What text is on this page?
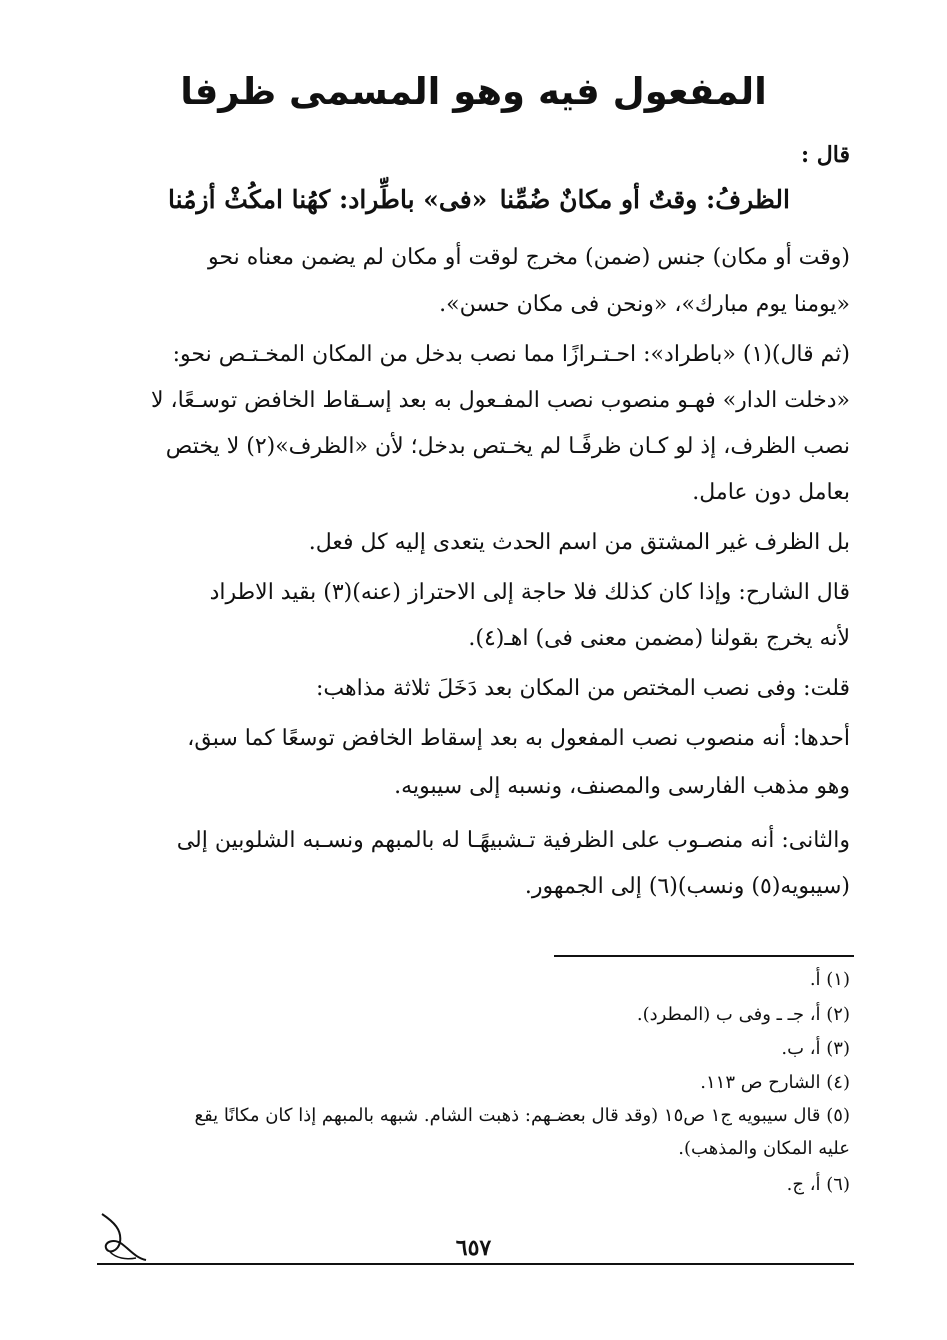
المفعول فيه وهو المسمى ظرفا
قال :
الظرفُ: وقتٌ أو مكانٌ ضُمِّنا
«فى» باطِّراد: كهُنا امكُثْ أزمُنا
(وقت أو مكان) جنس (ضمن) مخرج لوقت أو مكان لم يضمن معناه نحو
«يومنا يوم مبارك»، «ونحن فى مكان حسن».
(ثم قال)(١) «باطراد»: احـتـرازًا مما نصب بدخل من المكان المخـتـص نحو:
«دخلت الدار» فهـو منصوب نصب المفـعول به بعد إسـقاط الخافض توسـعًا، لا
نصب الظرف، إذ لو كـان ظرفًـا لم يخـتص بدخل؛ لأن «الظرف»(٢) لا يختص
بعامل دون عامل.
بل الظرف غير المشتق من اسم الحدث يتعدى إليه كل فعل.
قال الشارح: وإذا كان كذلك فلا حاجة إلى الاحتراز (عنه)(٣) بقيد الاطراد
لأنه يخرج بقولنا (مضمن معنى فى) اهـ(٤).
قلت: وفى نصب المختص من المكان بعد دَخَلَ ثلاثة مذاهب:
أحدها: أنه منصوب نصب المفعول به بعد إسقاط الخافض توسعًا كما سبق،
وهو مذهب الفارسى والمصنف، ونسبه إلى سيبويه.
والثانى: أنه منصـوب على الظرفية تـشبيهًـا له بالمبهم ونسـبه الشلوبين إلى
(سيبويه(٥) ونسب)(٦) إلى الجمهور.
(١) أ.
(٢) أ، جـ ـ وفى ب (المطرد).
(٣) أ، ب.
(٤) الشارح ص ١١٣.
(٥) قال سيبويه ج١ ص١٥ (وقد قال بعضـهم: ذهبت الشام. شبهه بالمبهم إذا كان مكانًا يقع
عليه المكان والمذهب).
(٦) أ، ج.
٦٥٧
